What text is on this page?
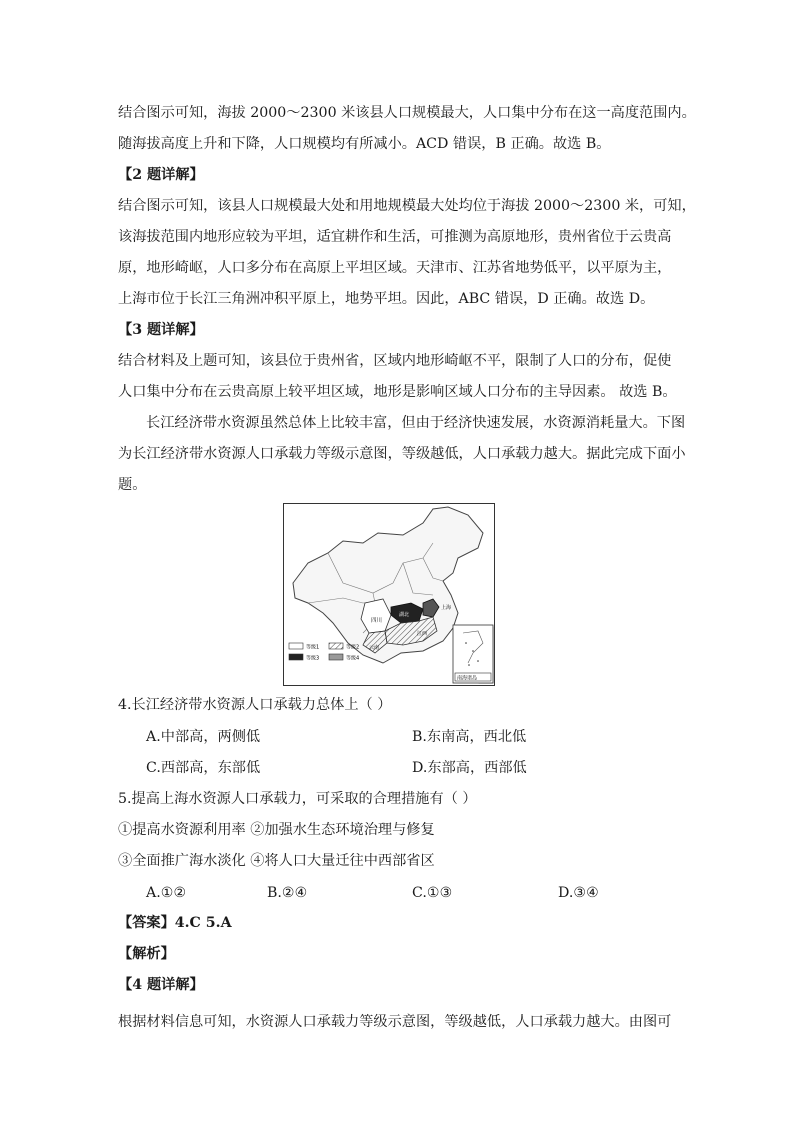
结合图示可知，海拔 2000～2300 米该县人口规模最大，人口集中分布在这一高度范围内。
随海拔高度上升和下降，人口规模均有所减小。ACD 错误，B 正确。故选 B。
【2 题详解】
结合图示可知，该县人口规模最大处和用地规模最大处均位于海拔 2000～2300 米，可知，
该海拔范围内地形应较为平坦，适宜耕作和生活，可推测为高原地形，贵州省位于云贵高
原，地形崎岖，人口多分布在高原上平坦区域。天津市、江苏省地势低平，以平原为主，
上海市位于长江三角洲冲积平原上，地势平坦。因此，ABC 错误，D 正确。故选 D。
【3 题详解】
结合材料及上题可知，该县位于贵州省，区域内地形崎岖不平，限制了人口的分布，促使
人口集中分布在云贵高原上较平坦区域，地形是影响区域人口分布的主导因素。 故选 B。
长江经济带水资源虽然总体上比较丰富，但由于经济快速发展，水资源消耗量大。下图
为长江经济带水资源人口承载力等级示意图，等级越低，人口承载力越大。据此完成下面小
题。
四川
湖北
江西
云南
上海
南海诸岛
等级1	等级2
等级3	等级4
4.长江经济带水资源人口承载力总体上（ ）
A.中部高，两侧低	B.东南高，西北低
C.西部高，东部低	D.东部高，西部低
5.提高上海水资源人口承载力，可采取的合理措施有（ ）
①提高水资源利用率 ②加强水生态环境治理与修复
③全面推广海水淡化 ④将人口大量迁往中西部省区
A.①②	B.②④	C.①③	D.③④
【答案】4.C 5.A
【解析】
【4 题详解】
根据材料信息可知，水资源人口承载力等级示意图，等级越低，人口承载力越大。由图可
